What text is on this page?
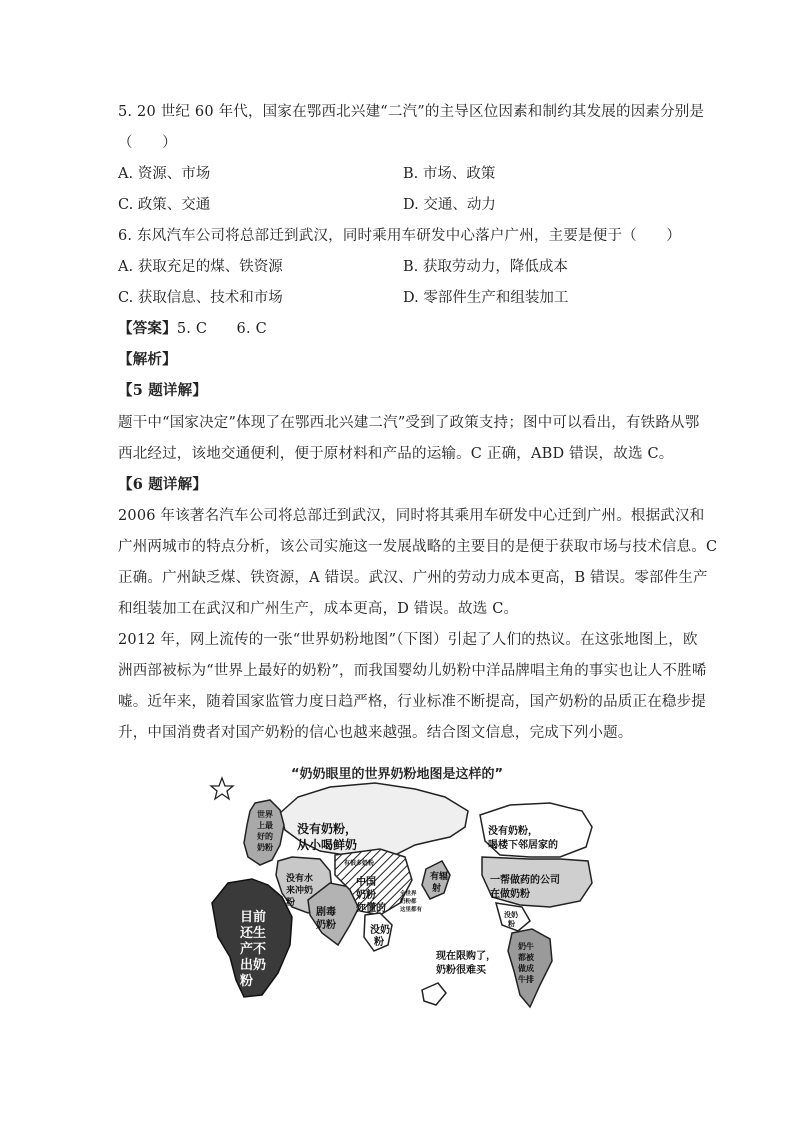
5. 20 世纪 60 年代，国家在鄂西北兴建“二汽”的主导区位因素和制约其发展的因素分别是
（　　）
A. 资源、市场	B. 市场、政策
C. 政策、交通	D. 交通、动力
6. 东风汽车公司将总部迁到武汉，同时乘用车研发中心落户广州，主要是便于（　　）
A. 获取充足的煤、铁资源	B. 获取劳动力，降低成本
C. 获取信息、技术和市场	D. 零部件生产和组装加工
【答案】5. C　　6. C
【解析】
【5 题详解】
题干中“国家决定”体现了在鄂西北兴建二汽”受到了政策支持；图中可以看出，有铁路从鄂
西北经过，该地交通便利，便于原材料和产品的运输。C 正确，ABD 错误，故选 C。
【6 题详解】
2006 年该著名汽车公司将总部迁到武汉，同时将其乘用车研发中心迁到广州。根据武汉和
广州两城市的特点分析，该公司实施这一发展战略的主要目的是便于获取市场与技术信息。C
正确。广州缺乏煤、铁资源，A 错误。武汉、广州的劳动力成本更高，B 错误。零部件生产
和组装加工在武汉和广州生产，成本更高，D 错误。故选 C。
2012 年，网上流传的一张“世界奶粉地图”（下图）引起了人们的热议。在这张地图上，欧
洲西部被标为“世界上最好的奶粉”，而我国婴幼儿奶粉中洋品牌唱主角的事实也让人不胜唏
嘘。近年来，随着国家监管力度日趋严格，行业标准不断提高，国产奶粉的品质正在稳步提
升，中国消费者对国产奶粉的信心也越来越强。结合图文信息，完成下列小题。
“奶奶眼里的世界奶粉地图是这样的”
世界
上最
好的
奶粉
没有奶粉，
从小喝鲜奶
没有水
来冲奶
粉
剧毒
奶粉
有很多奶粉
中国
奶粉
你懂的
全世界
奶粉都
这里都有
有辐
射
没奶
粉
目前
还生
产不
出奶
粉
现在限购了，
奶粉很难买
没有奶粉，
喝楼下邻居家的
一帮做药的公司
在做奶粉
没奶
粉
奶牛
都被
做成
牛排
